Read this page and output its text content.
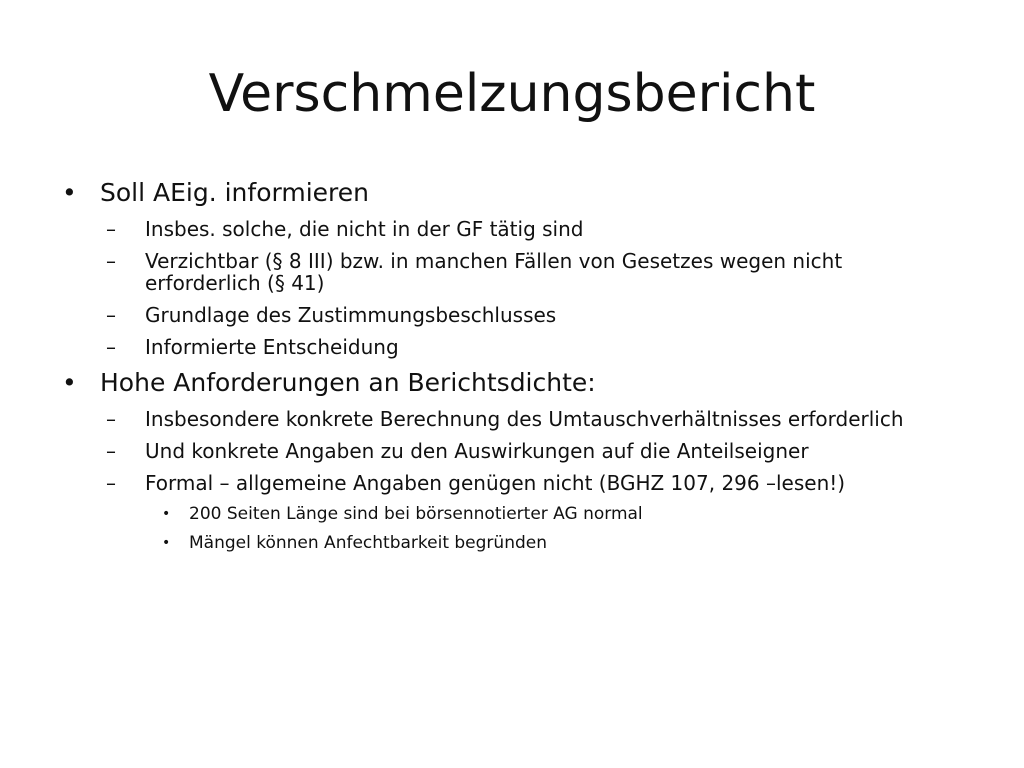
Verschmelzungsbericht
• Soll AEig. informieren
– Insbes. solche, die nicht in der GF tätig sind
– Verzichtbar (§ 8 III) bzw. in manchen Fällen von Gesetzes wegen nicht erforderlich (§ 41)
– Grundlage des Zustimmungsbeschlusses
– Informierte Entscheidung
• Hohe Anforderungen an Berichtsdichte:
– Insbesondere konkrete Berechnung des Umtauschverhältnisses erforderlich
– Und konkrete Angaben zu den Auswirkungen auf die Anteilseigner
– Formal – allgemeine Angaben genügen nicht (BGHZ 107, 296 –lesen!)
• 200 Seiten Länge sind bei börsennotierter AG normal
• Mängel können Anfechtbarkeit begründen
